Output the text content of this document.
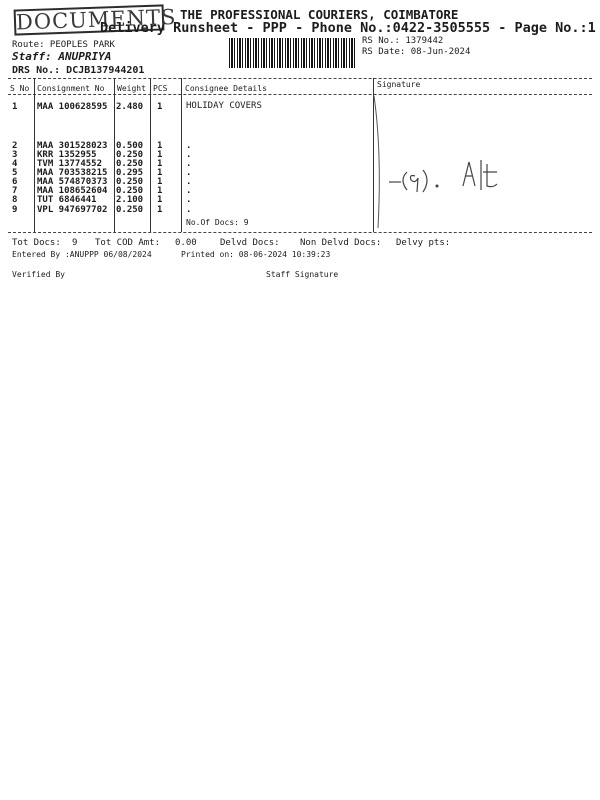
DOCUMENTS THE PROFESSIONAL COURIERS, COIMBATORE
Delivery Runsheet - PPP - Phone No.:0422-3505555 - Page No.:1
Route: PEOPLES PARK
Staff: ANUPRIYA
DRS No.: DCJB137944201
RS No.: 1379442
RS Date: 08-Jun-2024
S No Consignment No Weight PCS Consignee Details	Signature
1 MAA 100628595 2.480 1	HOLIDAY COVERS
2 MAA 301528023 0.500 1	.
3 KRR 1352955 0.250 1	.
4 TVM 13774552 0.250 1	.
5 MAA 703538215 0.295 1	.
6 MAA 574870373 0.250 1	.
7 MAA 108652604 0.250 1	.
8 TUT 6846441 2.100 1	.
9 VPL 947697702 0.250 1	.
No.Of Docs: 9
Tot Docs: 9 Tot COD Amt: 0.00	Delvd Docs: Non Delvd Docs: Delvy pts:
Entered By :ANUPPP 06/08/2024	Printed on: 08-06-2024 10:39:23
Verified By	Staff Signature
